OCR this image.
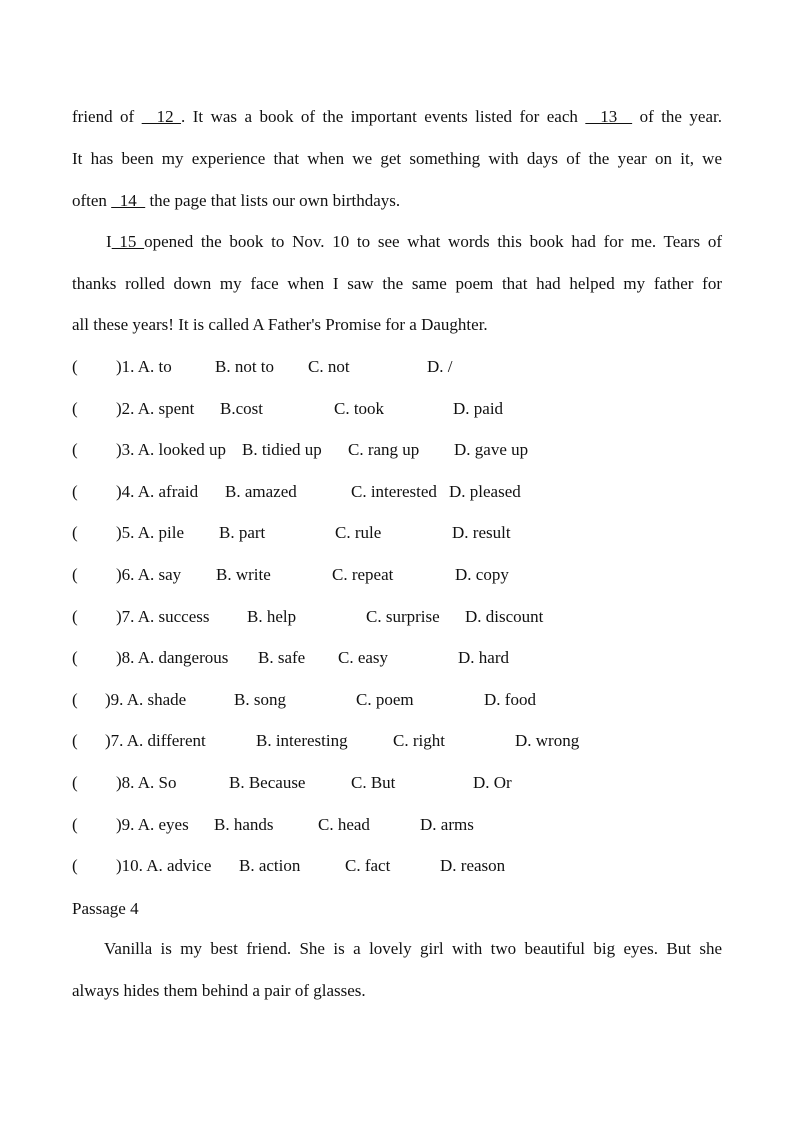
friend of   12 . It was a book of the important events listed for each   13   of the year.
It has been my experience that when we get something with days of the year on it, we
often   14   the page that lists our own birthdays.
I 15 opened the book to Nov. 10 to see what words this book had for me. Tears of
thanks rolled down my face when I saw the same poem that had helped my father for
all these years! It is called A Father's Promise for a Daughter.
( )1. A. to	B. not to C. not	D. /
( )2. A. spent B.cost	C. took	D. paid
( )3. A. looked up B. tidied up C. rang up D. gave up
( )4. A. afraid B. amazed	C. interested D. pleased
( )5. A. pile B. part	C. rule	D. result
( )6. A. say B. write	C. repeat	D. copy
( )7. A. success B. help	C. surprise D. discount
( )8. A. dangerous B. safe C. easy	D. hard
( )9. A. shade	B. song	C. poem	D. food
( )7. A. different	B. interesting	C. right	D. wrong
( )8. A. So	B. Because	C. But	D. Or
( )9. A. eyes B. hands	C. head	D. arms
( )10. A. advice B. action	C. fact	D. reason
Passage 4
Vanilla is my best friend. She is a lovely girl with two beautiful big eyes. But she
always hides them behind a pair of glasses.
